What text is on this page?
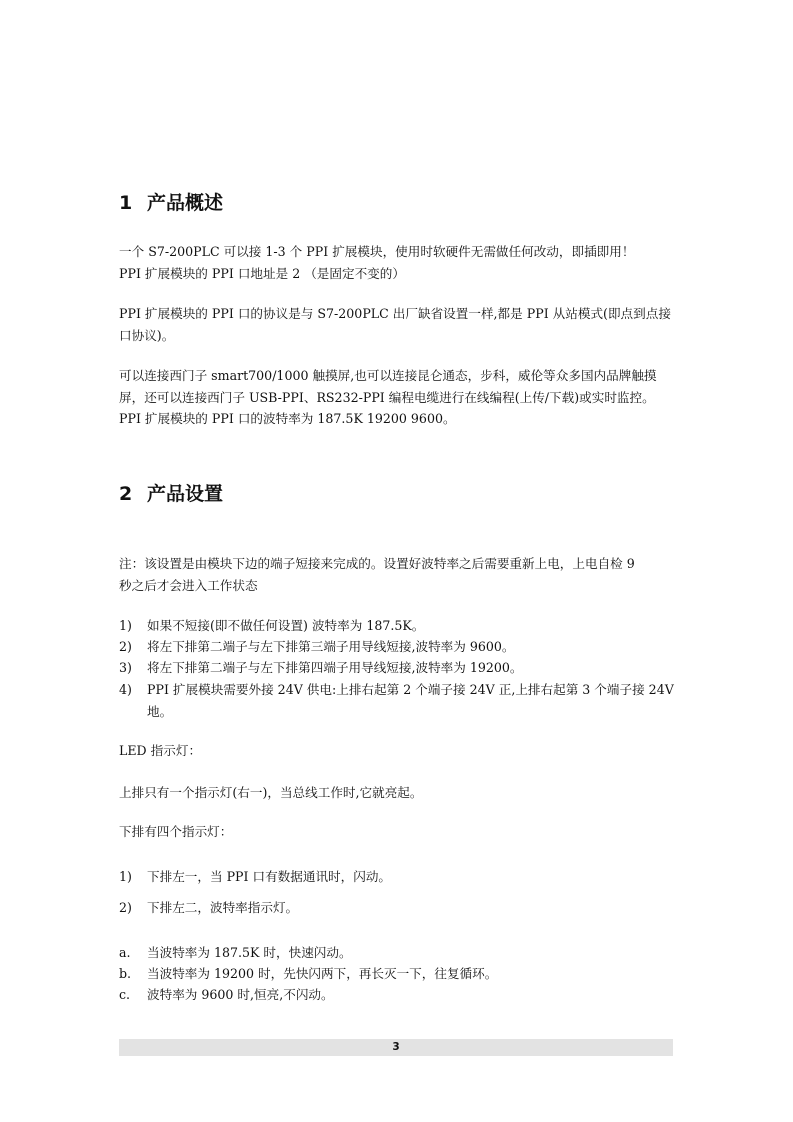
1 产品概述

一个 S7-200PLC 可以接 1-3 个 PPI 扩展模块，使用时软硬件无需做任何改动，即插即用！
PPI 扩展模块的 PPI 口地址是 2 （是固定不变的）

PPI 扩展模块的 PPI 口的协议是与 S7-200PLC 出厂缺省设置一样,都是 PPI 从站模式(即点到点接
口协议)。

可以连接西门子 smart700/1000 触摸屏,也可以连接昆仑通态，步科，威伦等众多国内品牌触摸
屏，还可以连接西门子 USB-PPI、RS232-PPI 编程电缆进行在线编程(上传/下载)或实时监控。
PPI 扩展模块的 PPI 口的波特率为 187.5K 19200 9600。

2 产品设置

注：该设置是由模块下边的端子短接来完成的。设置好波特率之后需要重新上电，上电自检 9
秒之后才会进入工作状态

1) 如果不短接(即不做任何设置) 波特率为 187.5K。
2) 将左下排第二端子与左下排第三端子用导线短接,波特率为 9600。
3) 将左下排第二端子与左下排第四端子用导线短接,波特率为 19200。
4) PPI 扩展模块需要外接 24V 供电:上排右起第 2 个端子接 24V 正,上排右起第 3 个端子接 24V
地。

LED 指示灯：

上排只有一个指示灯(右一)，当总线工作时,它就亮起。

下排有四个指示灯：

1) 下排左一，当 PPI 口有数据通讯时，闪动。
2) 下排左二，波特率指示灯。
a. 当波特率为 187.5K 时，快速闪动。
b. 当波特率为 19200 时，先快闪两下，再长灭一下，往复循环。
c. 波特率为 9600 时,恒亮,不闪动。
3
